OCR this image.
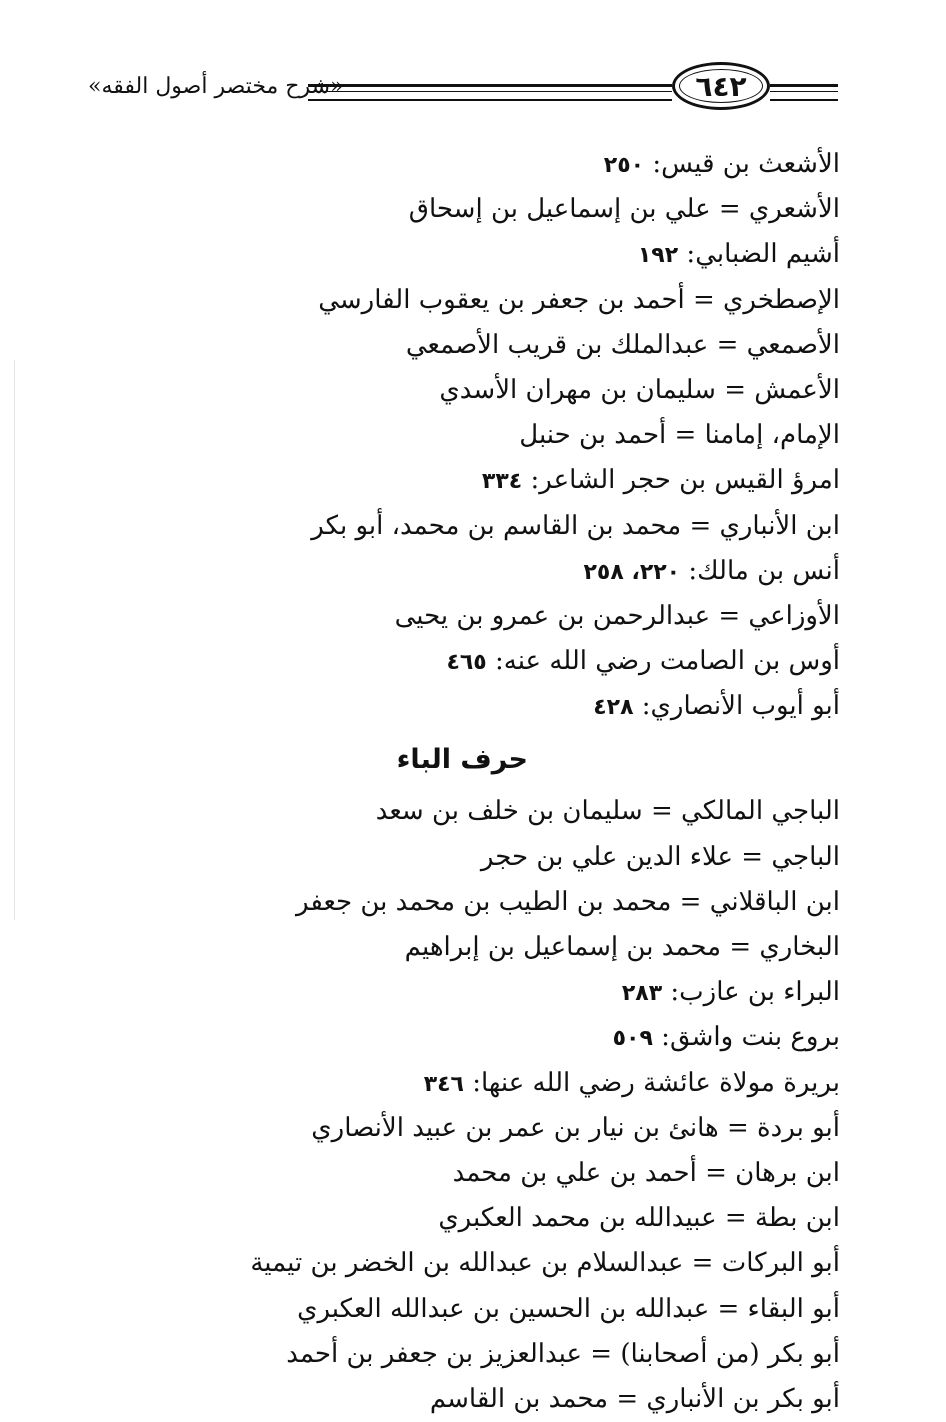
«شرح مختصر أصول الفقه»	٦٤٢
الأشعث بن قيس: ٢٥٠
الأشعري = علي بن إسماعيل بن إسحاق
أشيم الضبابي: ١٩٢
الإصطخري = أحمد بن جعفر بن يعقوب الفارسي
الأصمعي = عبدالملك بن قريب الأصمعي
الأعمش = سليمان بن مهران الأسدي
الإمام، إمامنا = أحمد بن حنبل
امرؤ القيس بن حجر الشاعر: ٣٣٤
ابن الأنباري = محمد بن القاسم بن محمد، أبو بكر
أنس بن مالك: ٢٢٠، ٢٥٨
الأوزاعي = عبدالرحمن بن عمرو بن يحيى
أوس بن الصامت رضي الله عنه: ٤٦٥
أبو أيوب الأنصاري: ٤٢٨
حرف الباء
الباجي المالكي = سليمان بن خلف بن سعد
الباجي = علاء الدين علي بن حجر
ابن الباقلاني = محمد بن الطيب بن محمد بن جعفر
البخاري = محمد بن إسماعيل بن إبراهيم
البراء بن عازب: ٢٨٣
بروع بنت واشق: ٥٠٩
بريرة مولاة عائشة رضي الله عنها: ٣٤٦
أبو بردة = هانئ بن نيار بن عمر بن عبيد الأنصاري
ابن برهان = أحمد بن علي بن محمد
ابن بطة = عبيدالله بن محمد العكبري
أبو البركات = عبدالسلام بن عبدالله بن الخضر بن تيمية
أبو البقاء = عبدالله بن الحسين بن عبدالله العكبري
أبو بكر (من أصحابنا) = عبدالعزيز بن جعفر بن أحمد
أبو بكر بن الأنباري = محمد بن القاسم
